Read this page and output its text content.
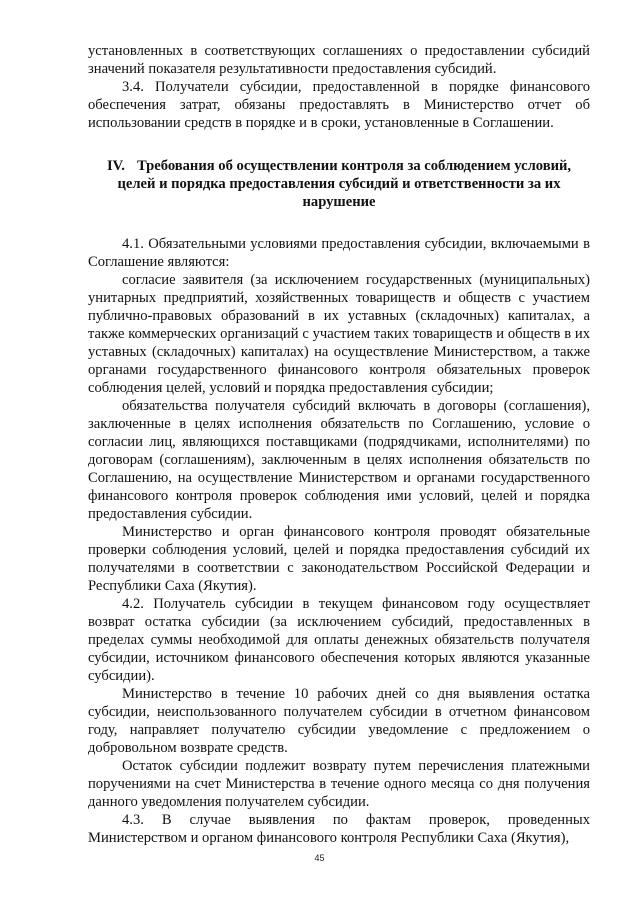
установленных в соответствующих соглашениях о предоставлении субсидий значений показателя результативности предоставления субсидий.

3.4. Получатели субсидии, предоставленной в порядке финансового обеспечения затрат, обязаны предоставлять в Министерство отчет об использовании средств в порядке и в сроки, установленные в Соглашении.

IV. Требования об осуществлении контроля за соблюдением условий, целей и порядка предоставления субсидий и ответственности за их нарушение

4.1. Обязательными условиями предоставления субсидии, включаемыми в Соглашение являются:

согласие заявителя (за исключением государственных (муниципальных) унитарных предприятий, хозяйственных товариществ и обществ с участием публично-правовых образований в их уставных (складочных) капиталах, а также коммерческих организаций с участием таких товариществ и обществ в их уставных (складочных) капиталах) на осуществление Министерством, а также органами государственного финансового контроля обязательных проверок соблюдения целей, условий и порядка предоставления субсидии;

обязательства получателя субсидий включать в договоры (соглашения), заключенные в целях исполнения обязательств по Соглашению, условие о согласии лиц, являющихся поставщиками (подрядчиками, исполнителями) по договорам (соглашениям), заключенным в целях исполнения обязательств по Соглашению, на осуществление Министерством и органами государственного финансового контроля проверок соблюдения ими условий, целей и порядка предоставления субсидии.

Министерство и орган финансового контроля проводят обязательные проверки соблюдения условий, целей и порядка предоставления субсидий их получателями в соответствии с законодательством Российской Федерации и Республики Саха (Якутия).

4.2. Получатель субсидии в текущем финансовом году осуществляет возврат остатка субсидии (за исключением субсидий, предоставленных в пределах суммы необходимой для оплаты денежных обязательств получателя субсидии, источником финансового обеспечения которых являются указанные субсидии).

Министерство в течение 10 рабочих дней со дня выявления остатка субсидии, неиспользованного получателем субсидии в отчетном финансовом году, направляет получателю субсидии уведомление с предложением о добровольном возврате средств.

Остаток субсидии подлежит возврату путем перечисления платежными поручениями на счет Министерства в течение одного месяца со дня получения данного уведомления получателем субсидии.

4.3. В случае выявления по фактам проверок, проведенных Министерством и органом финансового контроля Республики Саха (Якутия),

45
